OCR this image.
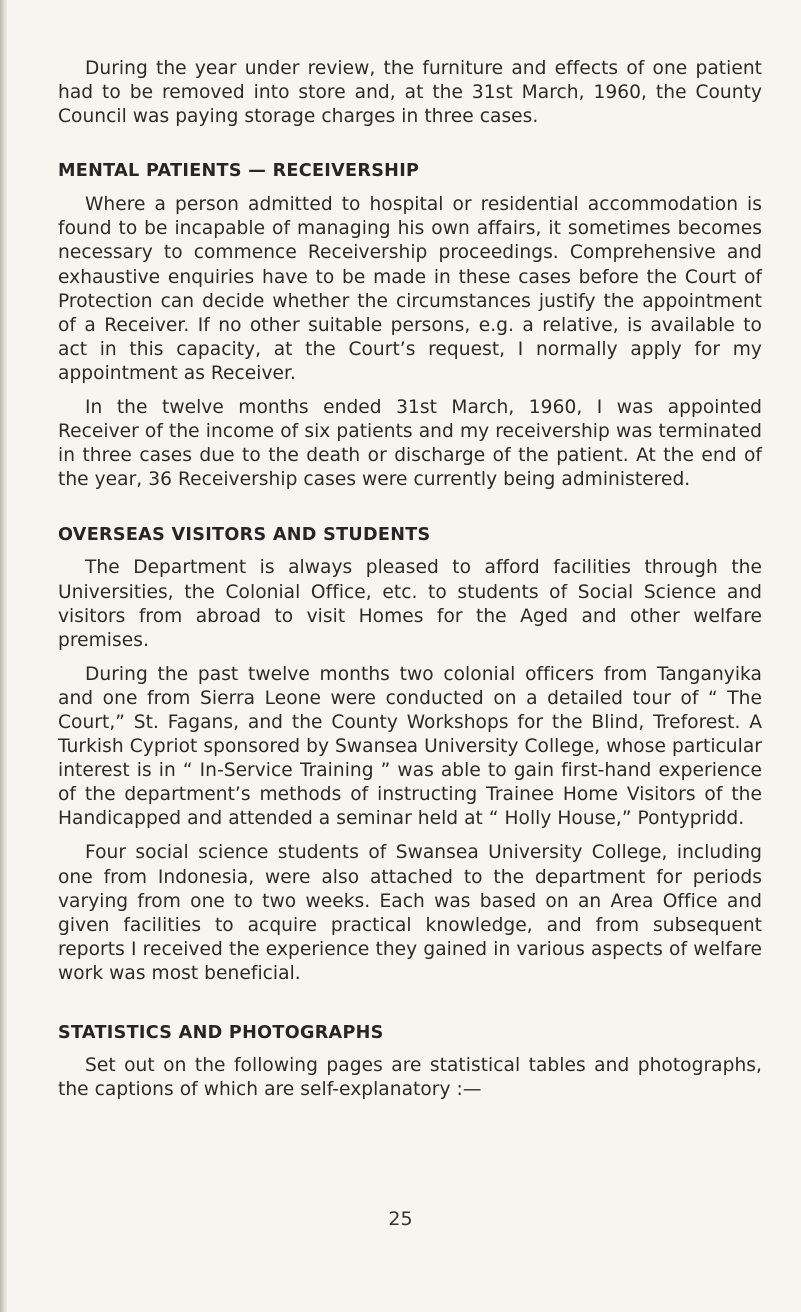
During the year under review, the furniture and effects of one patient had to be removed into store and, at the 31st March, 1960, the County Council was paying storage charges in three cases.

MENTAL PATIENTS — RECEIVERSHIP

Where a person admitted to hospital or residential accommodation is found to be incapable of managing his own affairs, it sometimes becomes necessary to commence Receivership proceedings. Comprehensive and exhaustive enquiries have to be made in these cases before the Court of Protection can decide whether the circumstances justify the appointment of a Receiver. If no other suitable persons, e.g. a relative, is available to act in this capacity, at the Court’s request, I normally apply for my appointment as Receiver.

In the twelve months ended 31st March, 1960, I was appointed Receiver of the income of six patients and my receivership was terminated in three cases due to the death or discharge of the patient. At the end of the year, 36 Receivership cases were currently being administered.

OVERSEAS VISITORS AND STUDENTS

The Department is always pleased to afford facilities through the Universities, the Colonial Office, etc. to students of Social Science and visitors from abroad to visit Homes for the Aged and other welfare premises.

During the past twelve months two colonial officers from Tanganyika and one from Sierra Leone were conducted on a detailed tour of “ The Court,” St. Fagans, and the County Workshops for the Blind, Treforest. A Turkish Cypriot sponsored by Swansea University College, whose particular interest is in “ In-Service Training ” was able to gain first-hand experience of the department’s methods of instructing Trainee Home Visitors of the Handicapped and attended a seminar held at “ Holly House,” Pontypridd.

Four social science students of Swansea University College, including one from Indonesia, were also attached to the department for periods varying from one to two weeks. Each was based on an Area Office and given facilities to acquire practical knowledge, and from subsequent reports I received the experience they gained in various aspects of welfare work was most beneficial.

STATISTICS AND PHOTOGRAPHS

Set out on the following pages are statistical tables and photographs, the captions of which are self-explanatory :—

25
